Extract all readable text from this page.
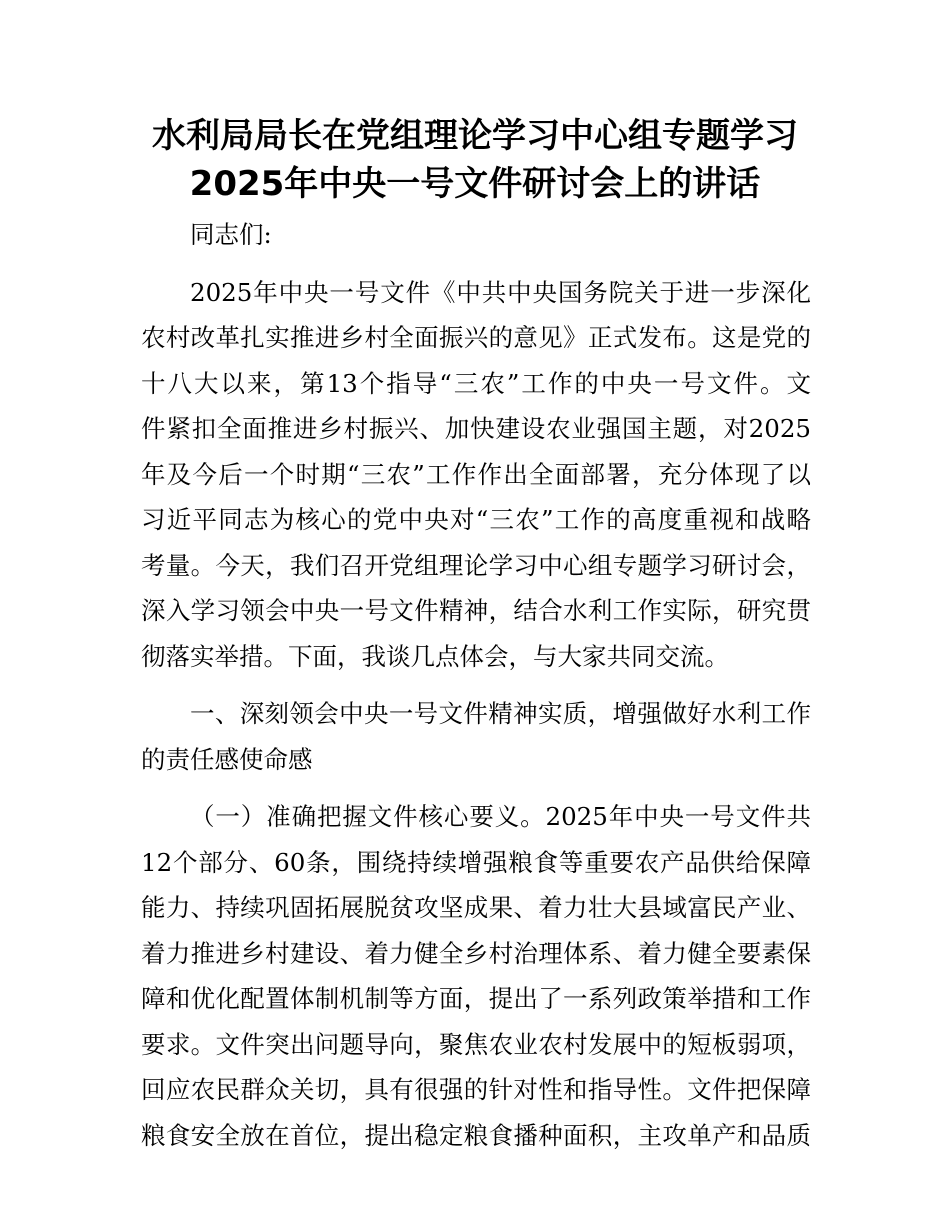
水利局局长在党组理论学习中心组专题学习
2025年中央一号文件研讨会上的讲话

同志们:

2025年中央一号文件《中共中央国务院关于进一步深化
农村改革扎实推进乡村全面振兴的意见》正式发布。这是党的
十八大以来，第13个指导“三农”工作的中央一号文件。文
件紧扣全面推进乡村振兴、加快建设农业强国主题，对2025
年及今后一个时期“三农”工作作出全面部署，充分体现了以
习近平同志为核心的党中央对“三农”工作的高度重视和战略
考量。今天，我们召开党组理论学习中心组专题学习研讨会，
深入学习领会中央一号文件精神，结合水利工作实际，研究贯
彻落实举措。下面，我谈几点体会，与大家共同交流。

一、深刻领会中央一号文件精神实质，增强做好水利工作
的责任感使命感

（一）准确把握文件核心要义。2025年中央一号文件共
12个部分、60条，围绕持续增强粮食等重要农产品供给保障
能力、持续巩固拓展脱贫攻坚成果、着力壮大县域富民产业、
着力推进乡村建设、着力健全乡村治理体系、着力健全要素保
障和优化配置体制机制等方面，提出了一系列政策举措和工作
要求。文件突出问题导向，聚焦农业农村发展中的短板弱项，
回应农民群众关切，具有很强的针对性和指导性。文件把保障
粮食安全放在首位，提出稳定粮食播种面积，主攻单产和品质
